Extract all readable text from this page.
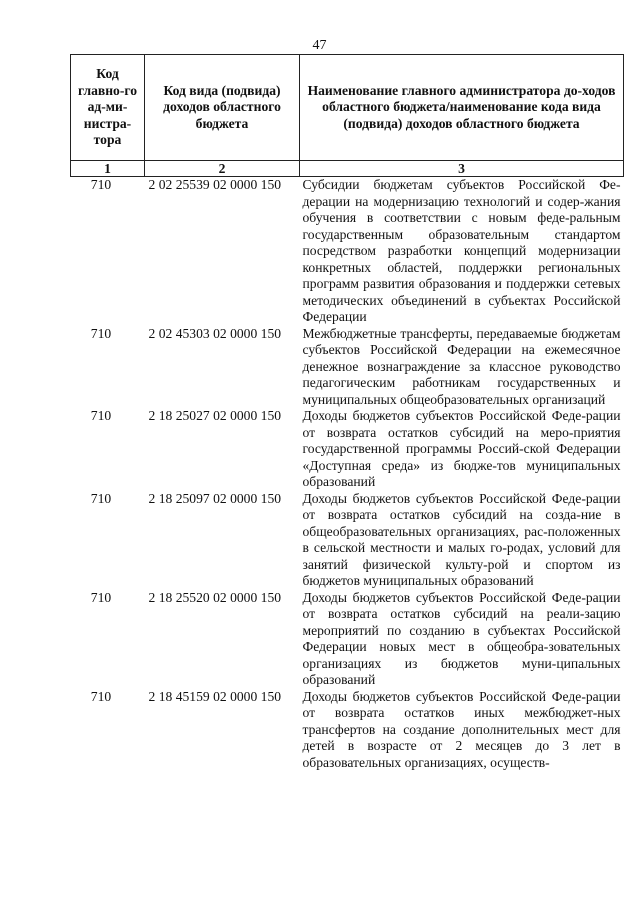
47
Код главно-го ад-ми-нистра-тора	Код вида (подвида) доходов областного бюджета	Наименование главного администратора до-ходов областного бюджета/наименование кода вида (подвида) доходов областного бюджета
1	2	3
710	2 02 25539 02 0000 150	Субсидии бюджетам субъектов Российской Фе-дерации на модернизацию технологий и содер-жания обучения в соответствии с новым феде-ральным государственным образовательным стандартом посредством разработки концепций модернизации конкретных областей, поддержки региональных программ развития образования и поддержки сетевых методических объединений в субъектах Российской Федерации
710	2 02 45303 02 0000 150	Межбюджетные трансферты, передаваемые бюджетам субъектов Российской Федерации на ежемесячное денежное вознаграждение за классное руководство педагогическим работникам государственных и муниципальных общеобразовательных организаций
710	2 18 25027 02 0000 150	Доходы бюджетов субъектов Российской Феде-рации от возврата остатков субсидий на меро-приятия государственной программы Россий-ской Федерации «Доступная среда» из бюдже-тов муниципальных образований
710	2 18 25097 02 0000 150	Доходы бюджетов субъектов Российской Феде-рации от возврата остатков субсидий на созда-ние в общеобразовательных организациях, рас-положенных в сельской местности и малых го-родах, условий для занятий физической культу-рой и спортом из бюджетов муниципальных образований
710	2 18 25520 02 0000 150	Доходы бюджетов субъектов Российской Феде-рации от возврата остатков субсидий на реали-зацию мероприятий по созданию в субъектах Российской Федерации новых мест в общеобра-зовательных организациях из бюджетов муни-ципальных образований
710	2 18 45159 02 0000 150	Доходы бюджетов субъектов Российской Феде-рации от возврата остатков иных межбюджет-ных трансфертов на создание дополнительных мест для детей в возрасте от 2 месяцев до 3 лет в образовательных организациях, осуществ-
